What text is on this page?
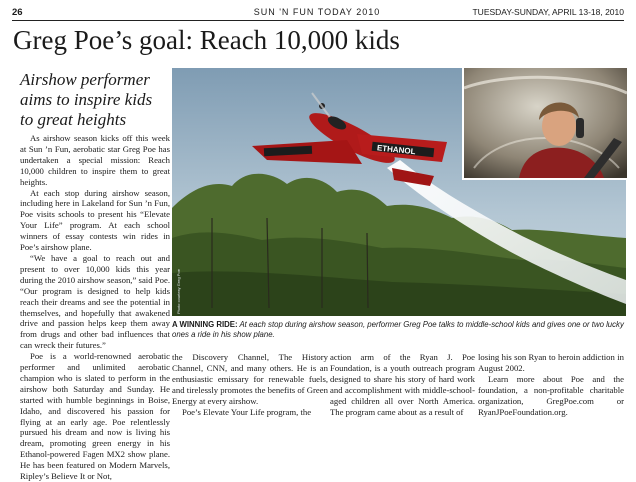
26	SUN 'N FUN TODAY 2010	TUESDAY-SUNDAY, APRIL 13-18, 2010
Greg Poe’s goal: Reach 10,000 kids
Airshow performer aims to inspire kids to great heights

As airshow season kicks off this week at Sun ’n Fun, aerobatic star Greg Poe has undertaken a special mission: Reach 10,000 children to inspire them to great heights.

At each stop during airshow season, including here in Lakeland for Sun ’n Fun, Poe visits schools to present his “Elevate Your Life” program. At each school winners of essay contests win rides in Poe’s airshow plane.

“We have a goal to reach out and present to over 10,000 kids this year during the 2010 airshow season,” said Poe. “Our program is designed to help kids reach their dreams and see the potential in themselves, and hopefully that awakened drive and passion helps keep them away from drugs and other bad influences that can wreck their futures.”

Poe is a world-renowned aerobatic performer and unlimited aerobatic champion who is slated to perform in the airshow both Saturday and Sunday. He started with humble beginnings in Boise, Idaho, and discovered his passion for flying at an early age. Poe relentlessly pursued his dream and now is living his dream, promoting green energy in his Ethanol-powered Fagen MX2 show plane. He has been featured on Modern Marvels, Ripley’s Believe It or Not,

ETHANOL
Photo courtesy Greg Poe
A WINNING RIDE: At each stop during airshow season, performer Greg Poe talks to middle-school kids and gives one or two lucky ones a ride in his show plane.

the Discovery Channel, The History Channel, CNN, and many others. He is an enthusiastic emissary for renewable fuels, and tirelessly promotes the benefits of Green Energy at every airshow.

Poe’s Elevate Your Life program, the

action arm of the Ryan J. Poe Foundation, is a youth outreach program designed to share his story of hard work and accomplishment with middle-school-aged children all over North America. The program came about as a result of

losing his son Ryan to heroin addiction in August 2002.

Learn more about Poe and the foundation, a non-profitable charitable organization, GregPoe.com or RyanJPoeFoundation.org.
